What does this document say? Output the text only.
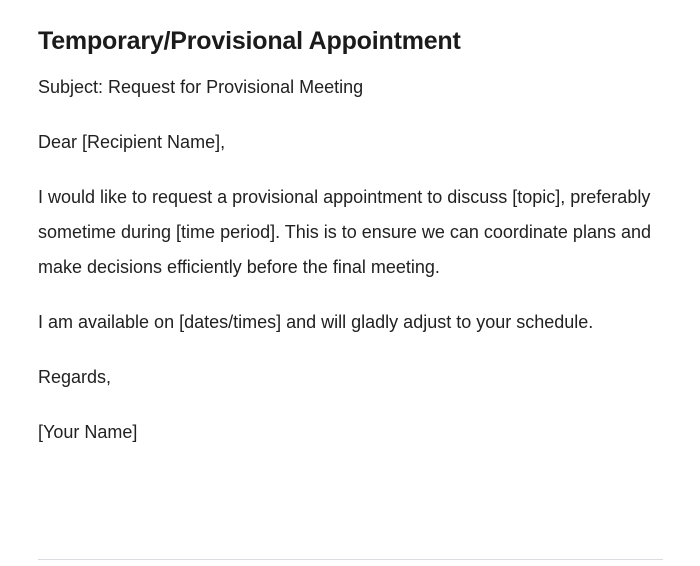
Temporary/Provisional Appointment

Subject: Request for Provisional Meeting

Dear [Recipient Name],

I would like to request a provisional appointment to discuss [topic], preferably sometime during [time period]. This is to ensure we can coordinate plans and make decisions efficiently before the final meeting.

I am available on [dates/times] and will gladly adjust to your schedule.

Regards,

[Your Name]
